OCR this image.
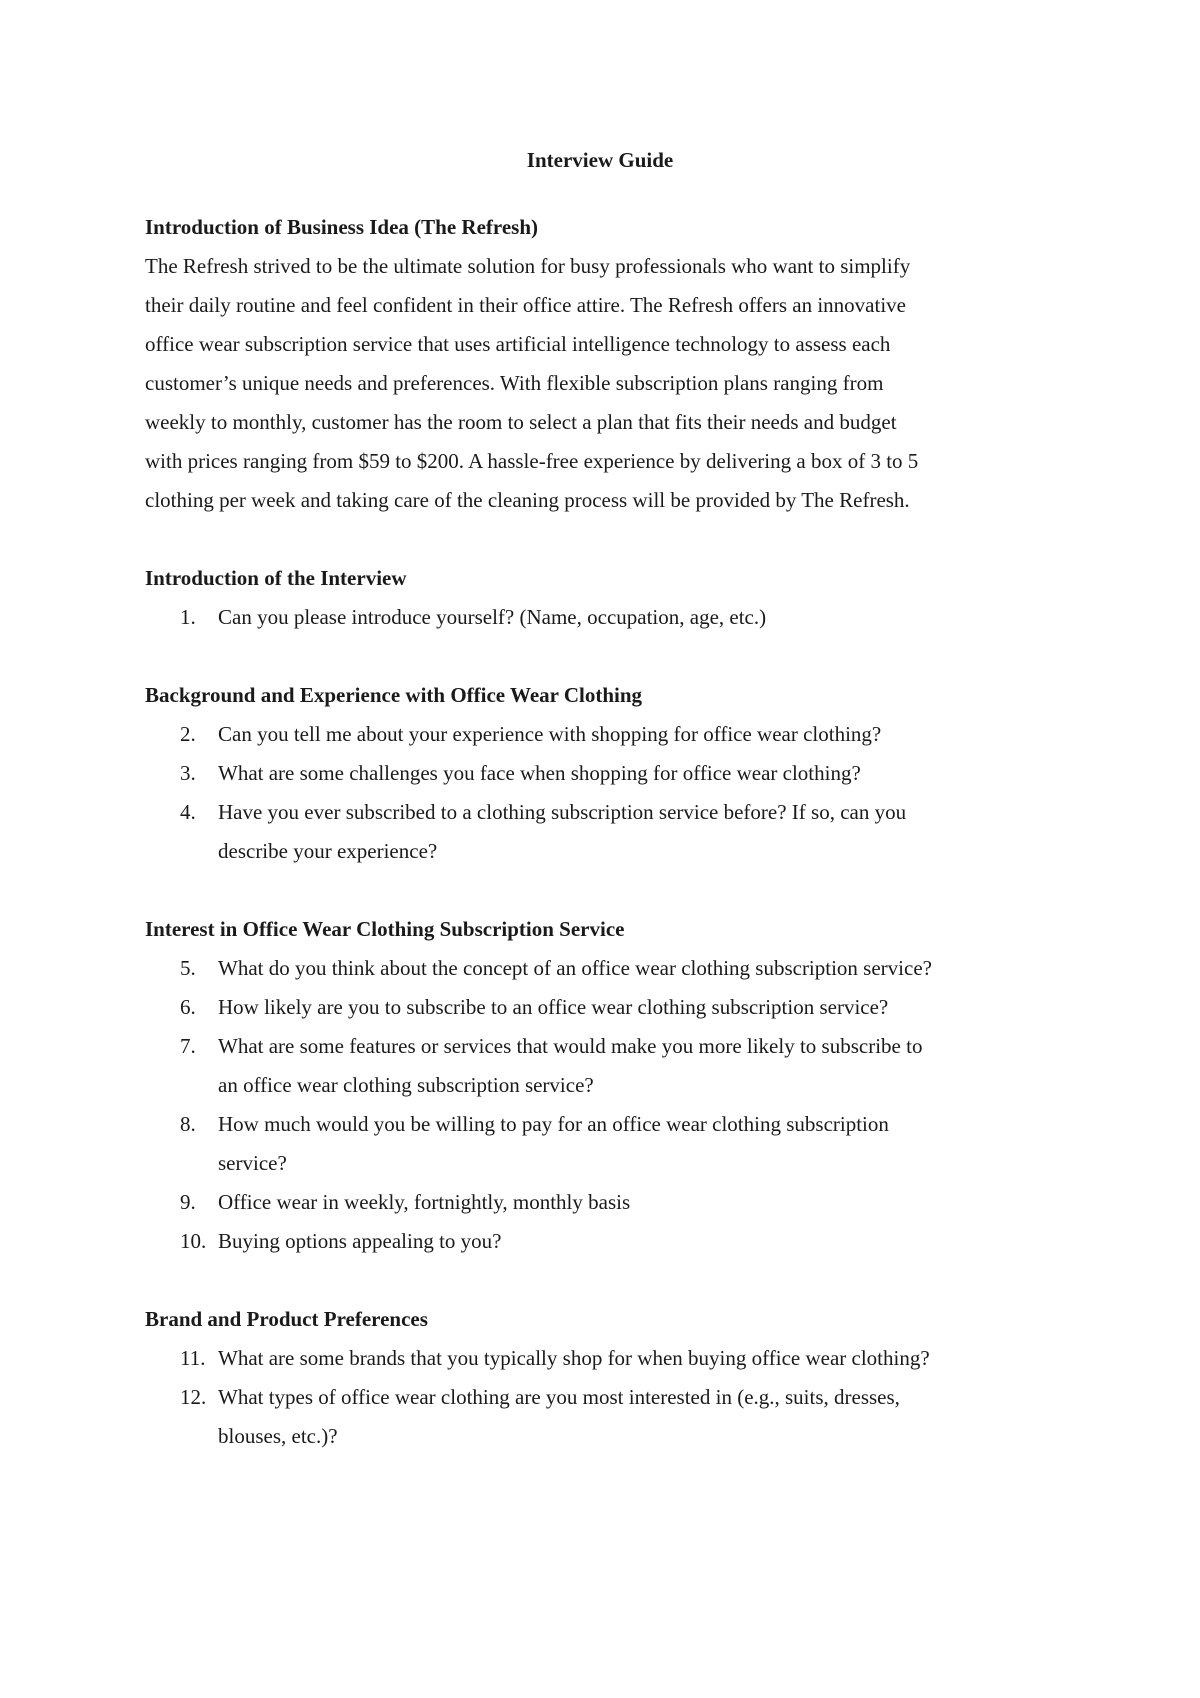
Interview Guide
Introduction of Business Idea (The Refresh)
The Refresh strived to be the ultimate solution for busy professionals who want to simplify
their daily routine and feel confident in their office attire. The Refresh offers an innovative
office wear subscription service that uses artificial intelligence technology to assess each
customer’s unique needs and preferences. With flexible subscription plans ranging from
weekly to monthly, customer has the room to select a plan that fits their needs and budget
with prices ranging from $59 to $200. A hassle-free experience by delivering a box of 3 to 5
clothing per week and taking care of the cleaning process will be provided by The Refresh.
Introduction of the Interview
1.	Can you please introduce yourself? (Name, occupation, age, etc.)
Background and Experience with Office Wear Clothing
2.	Can you tell me about your experience with shopping for office wear clothing?
3.	What are some challenges you face when shopping for office wear clothing?
4.	Have you ever subscribed to a clothing subscription service before? If so, can you
describe your experience?
Interest in Office Wear Clothing Subscription Service
5.	What do you think about the concept of an office wear clothing subscription service?
6.	How likely are you to subscribe to an office wear clothing subscription service?
7.	What are some features or services that would make you more likely to subscribe to
an office wear clothing subscription service?
8.	How much would you be willing to pay for an office wear clothing subscription
service?
9.	Office wear in weekly, fortnightly, monthly basis
10. Buying options appealing to you?
Brand and Product Preferences
11. What are some brands that you typically shop for when buying office wear clothing?
12. What types of office wear clothing are you most interested in (e.g., suits, dresses,
blouses, etc.)?
